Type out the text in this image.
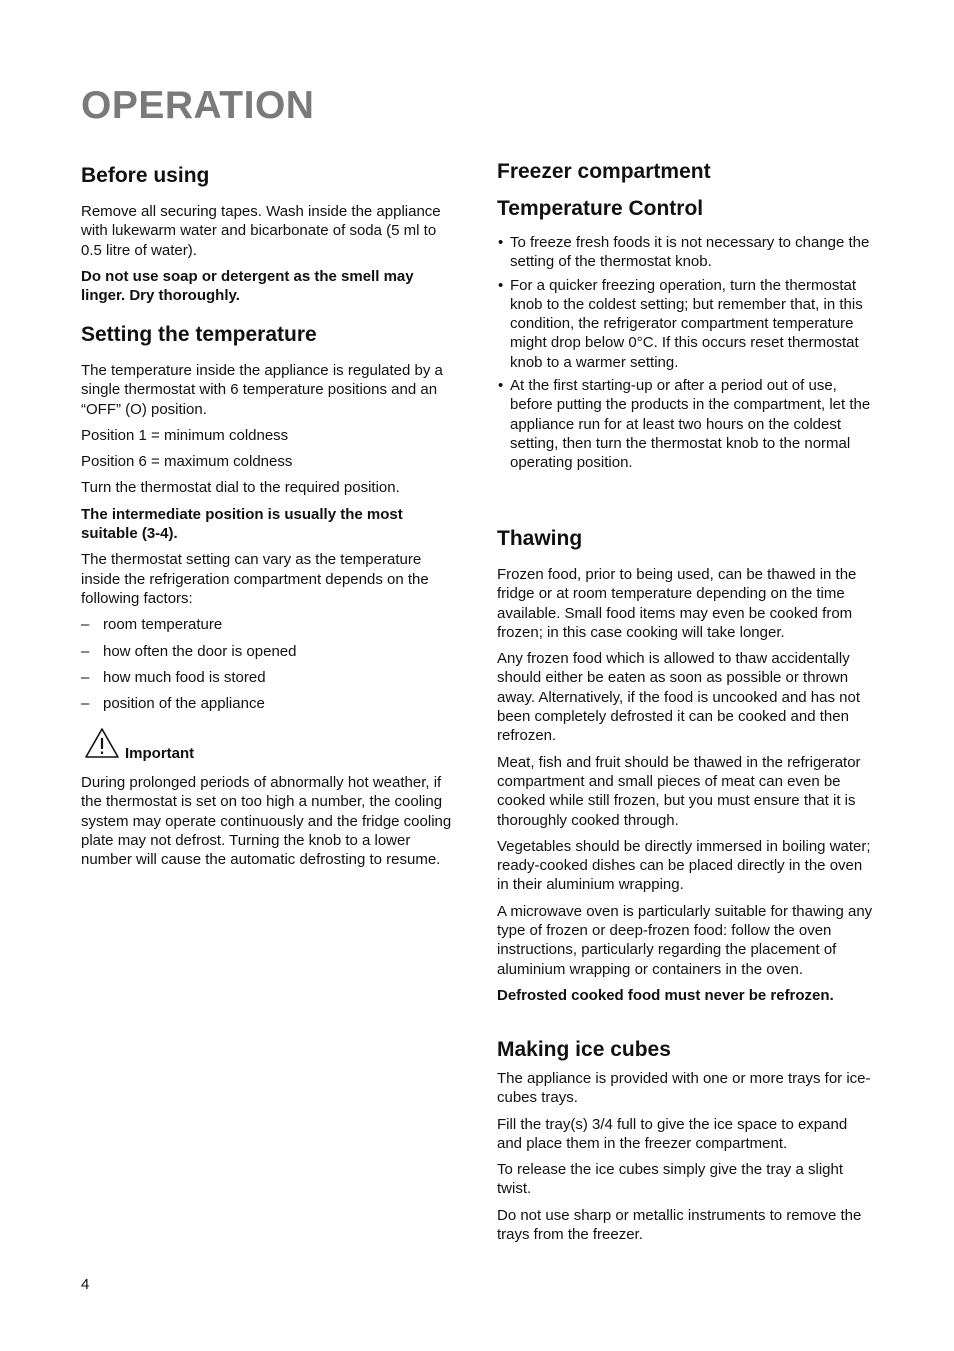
OPERATION
Before using

Remove all securing tapes. Wash inside the appliance with lukewarm water and bicarbonate of soda (5 ml to 0.5 litre of water).

Do not use soap or detergent as the smell may linger. Dry thoroughly.

Setting the temperature

The temperature inside the appliance is regulated by a single thermostat with 6 temperature positions and an “OFF” (O) position.

Position 1 = minimum coldness

Position 6 = maximum coldness

Turn the thermostat dial to the required position.

The intermediate position is usually the most suitable (3-4).

The thermostat setting can vary as the temperature inside the refrigeration compartment depends on the following factors:

– room temperature
– how often the door is opened
– how much food is stored
– position of the appliance
Important

During prolonged periods of abnormally hot weather, if the thermostat is set on too high a number, the cooling system may operate continuously and the fridge cooling plate may not defrost. Turning the knob to a lower number will cause the automatic defrosting to resume.

4
Freezer compartment
Temperature Control
• To freeze fresh foods it is not necessary to change the setting of the thermostat knob.
• For a quicker freezing operation, turn the thermostat knob to the coldest setting; but remember that, in this condition, the refrigerator compartment temperature might drop below 0°C. If this occurs reset thermostat knob to a warmer setting.
• At the first starting-up or after a period out of use, before putting the products in the compartment, let the appliance run for at least two hours on the coldest setting, then turn the thermostat knob to the normal operating position.
Thawing

Frozen food, prior to being used, can be thawed in the fridge or at room temperature depending on the time available. Small food items may even be cooked from frozen; in this case cooking will take longer.

Any frozen food which is allowed to thaw accidentally should either be eaten as soon as possible or thrown away. Alternatively, if the food is uncooked and has not been completely defrosted it can be cooked and then refrozen.

Meat, fish and fruit should be thawed in the refrigerator compartment and small pieces of meat can even be cooked while still frozen, but you must ensure that it is thoroughly cooked through.

Vegetables should be directly immersed in boiling water; ready-cooked dishes can be placed directly in the oven in their aluminium wrapping.

A microwave oven is particularly suitable for thawing any type of frozen or deep-frozen food: follow the oven instructions, particularly regarding the placement of aluminium wrapping or containers in the oven.

Defrosted cooked food must never be refrozen.

Making ice cubes

The appliance is provided with one or more trays for ice-cubes trays.

Fill the tray(s) 3/4 full to give the ice space to expand and place them in the freezer compartment.

To release the ice cubes simply give the tray a slight twist.

Do not use sharp or metallic instruments to remove the trays from the freezer.
